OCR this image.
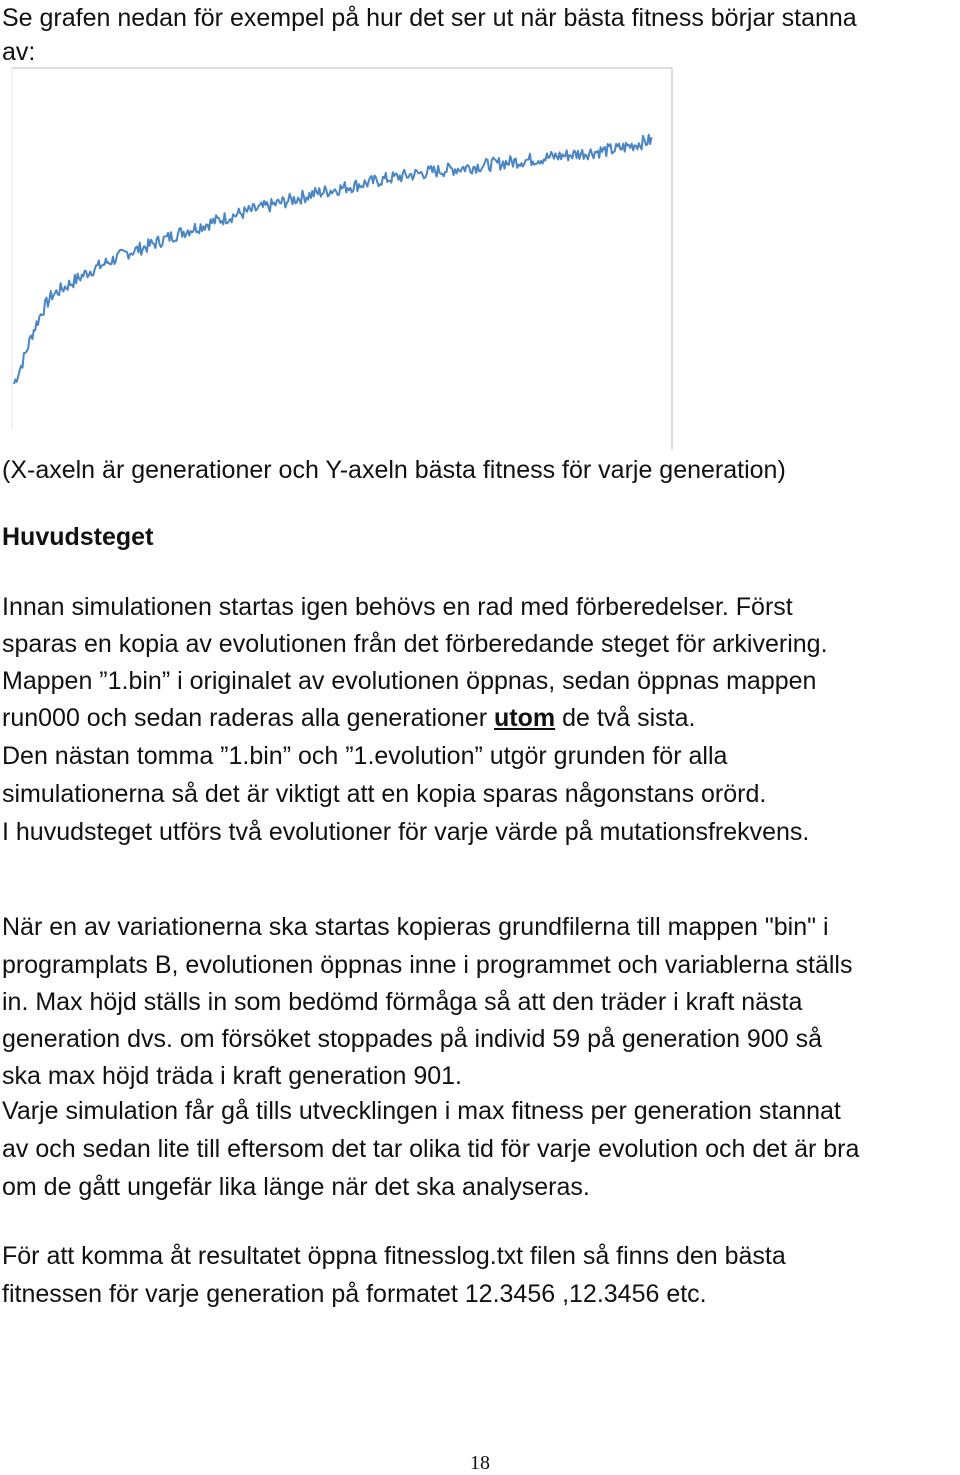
Se grafen nedan för exempel på hur det ser ut när bästa fitness börjar stanna
av:
(X-axeln är generationer och Y-axeln bästa fitness för varje generation)
Huvudsteget
Innan simulationen startas igen behövs en rad med förberedelser. Först
sparas en kopia av evolutionen från det förberedande steget för arkivering.
Mappen ”1.bin” i originalet av evolutionen öppnas, sedan öppnas mappen
run000 och sedan raderas alla generationer utom de två sista.
Den nästan tomma ”1.bin” och ”1.evolution” utgör grunden för alla
simulationerna så det är viktigt att en kopia sparas någonstans orörd.
I huvudsteget utförs två evolutioner för varje värde på mutationsfrekvens.
När en av variationerna ska startas kopieras grundfilerna till mappen "bin" i
programplats B, evolutionen öppnas inne i programmet och variablerna ställs
in. Max höjd ställs in som bedömd förmåga så att den träder i kraft nästa
generation dvs. om försöket stoppades på individ 59 på generation 900 så
ska max höjd träda i kraft generation 901.
Varje simulation får gå tills utvecklingen i max fitness per generation stannat
av och sedan lite till eftersom det tar olika tid för varje evolution och det är bra
om de gått ungefär lika länge när det ska analyseras.
För att komma åt resultatet öppna fitnesslog.txt filen så finns den bästa
fitnessen för varje generation på formatet 12.3456 ,12.3456 etc.
18
